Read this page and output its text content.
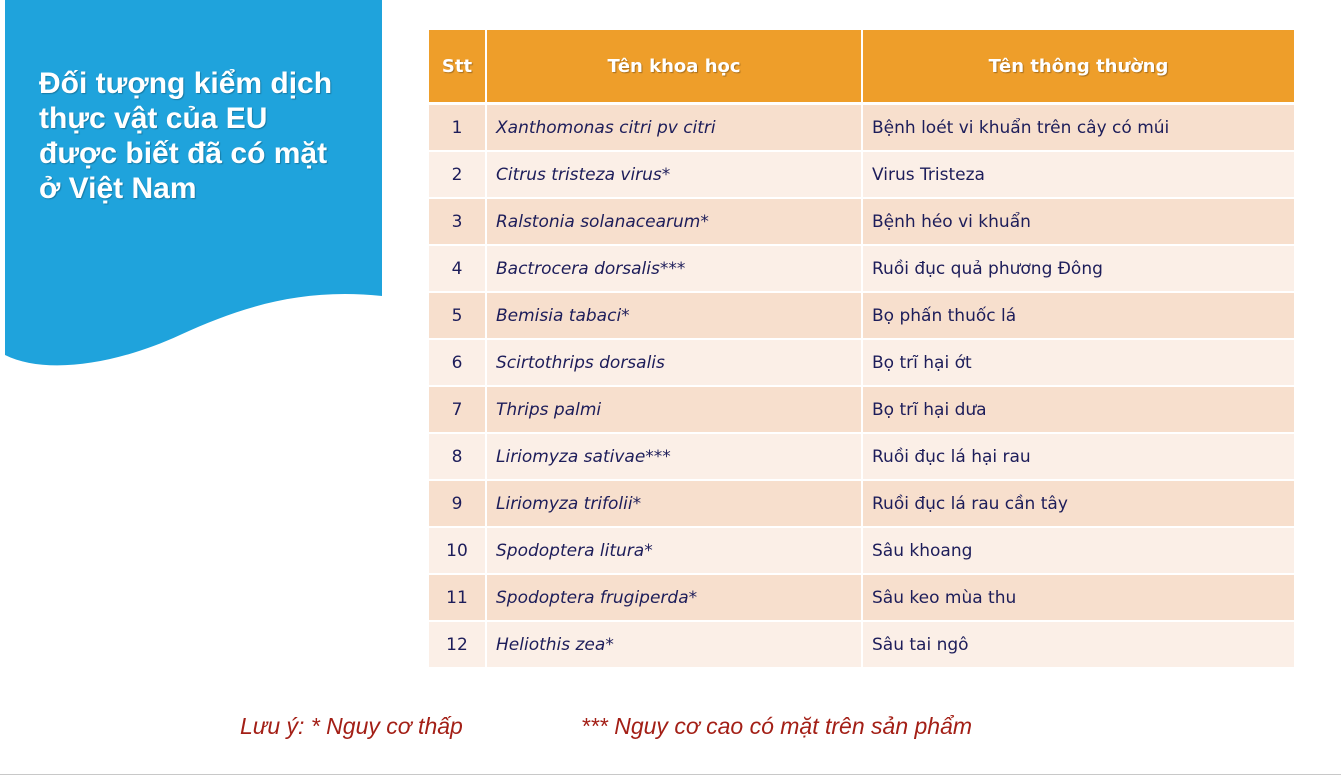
Đối tượng kiểm dịch
thực vật của EU
được biết đã có mặt
ở Việt Nam
Stt	Tên khoa học	Tên thông thường
1	Xanthomonas citri pv citri	Bệnh loét vi khuẩn trên cây có múi
2	Citrus tristeza virus*	Virus Tristeza
3	Ralstonia solanacearum*	Bệnh héo vi khuẩn
4	Bactrocera dorsalis***	Ruồi đục quả phương Đông
5	Bemisia tabaci*	Bọ phấn thuốc lá
6	Scirtothrips dorsalis	Bọ trĩ hại ớt
7	Thrips palmi	Bọ trĩ hại dưa
8	Liriomyza sativae***	Ruồi đục lá hại rau
9	Liriomyza trifolii*	Ruồi đục lá rau cần tây
10	Spodoptera litura*	Sâu khoang
11	Spodoptera frugiperda*	Sâu keo mùa thu
12	Heliothis zea*	Sâu tai ngô
Lưu ý: * Nguy cơ thấp	*** Nguy cơ cao có mặt trên sản phẩm
